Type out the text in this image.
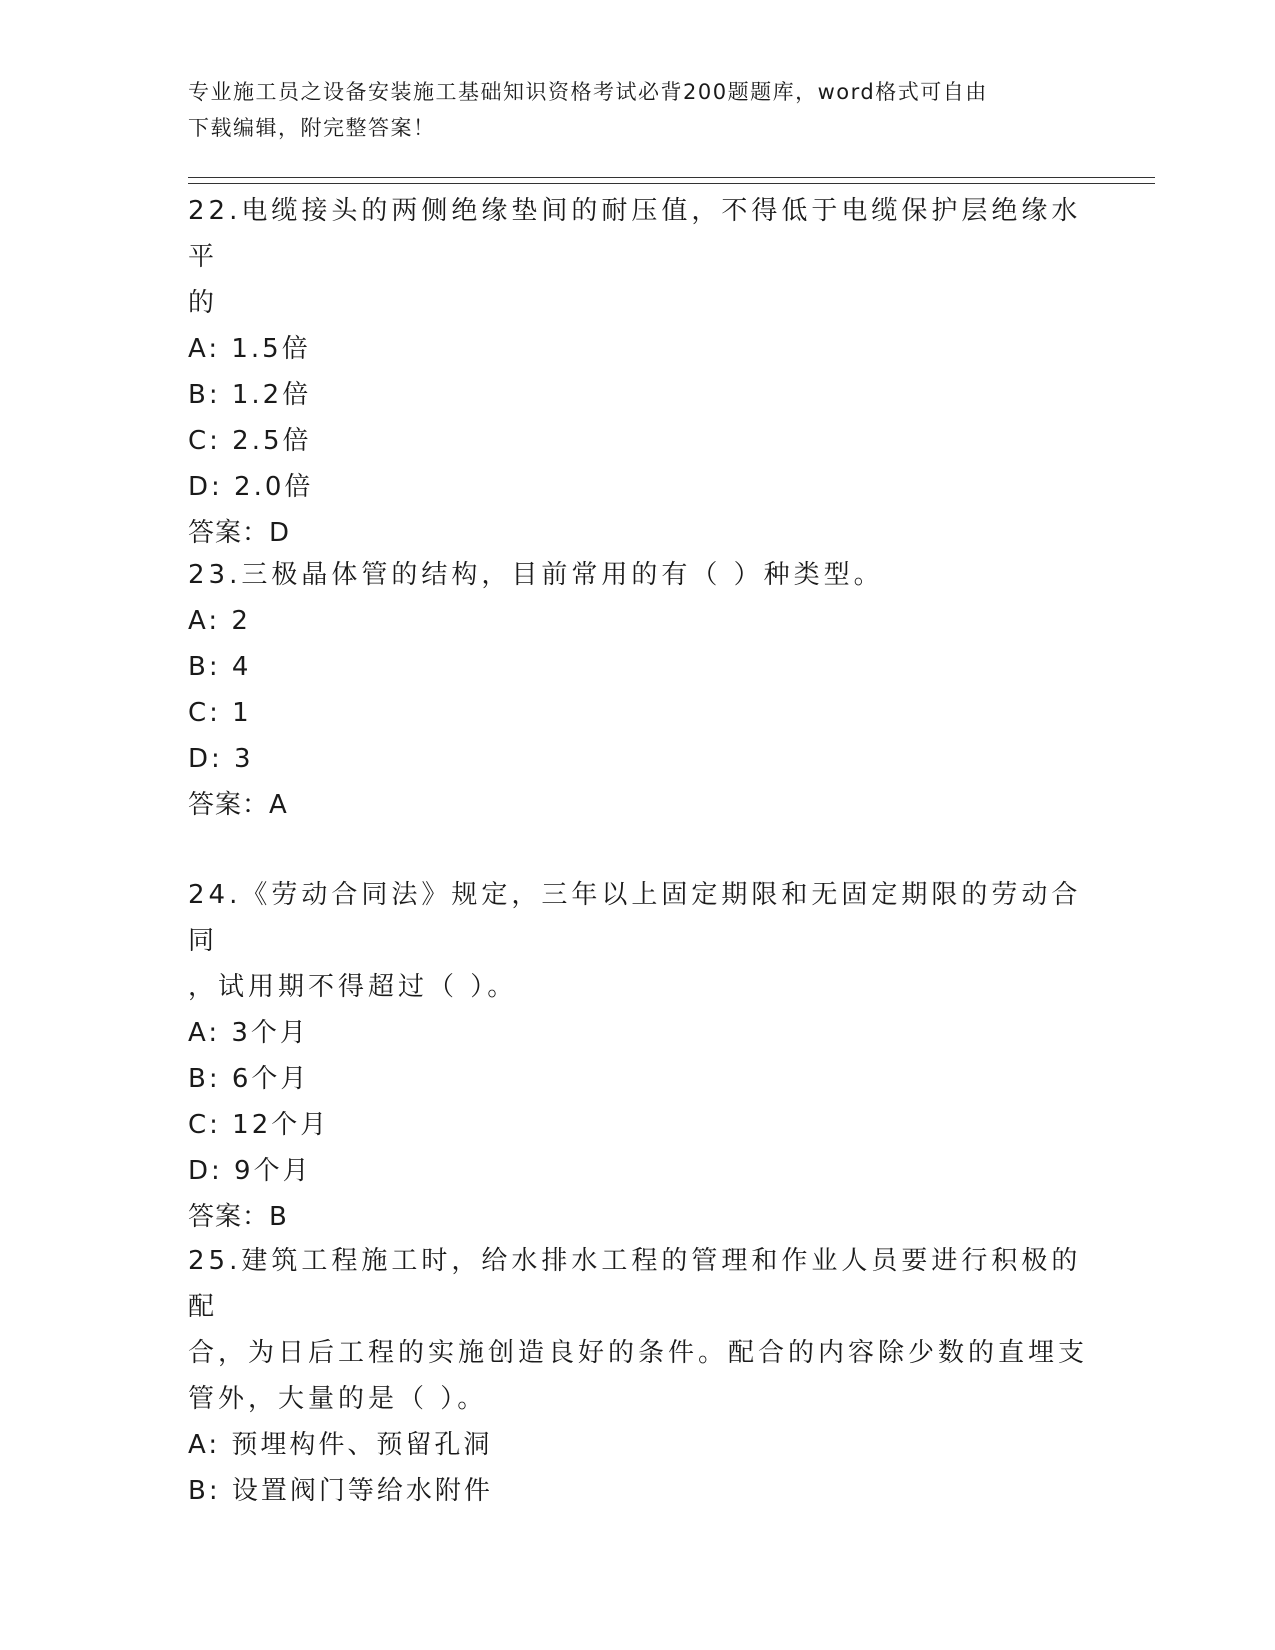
专业施工员之设备安装施工基础知识资格考试必背200题题库，word格式可自由
下载编辑，附完整答案！
22.电缆接头的两侧绝缘垫间的耐压值，不得低于电缆保护层绝缘水平
的
A: 1.5倍
B: 1.2倍
C: 2.5倍
D: 2.0倍
答案：D
23.三极晶体管的结构，目前常用的有（ ）种类型。
A: 2
B: 4
C: 1
D: 3
答案：A
24.《劳动合同法》规定，三年以上固定期限和无固定期限的劳动合同
，试用期不得超过（ ）。
A: 3个月
B: 6个月
C: 12个月
D: 9个月
答案：B
25.建筑工程施工时，给水排水工程的管理和作业人员要进行积极的配
合，为日后工程的实施创造良好的条件。配合的内容除少数的直埋支
管外，大量的是（ ）。
A: 预埋构件、预留孔洞
B: 设置阀门等给水附件
